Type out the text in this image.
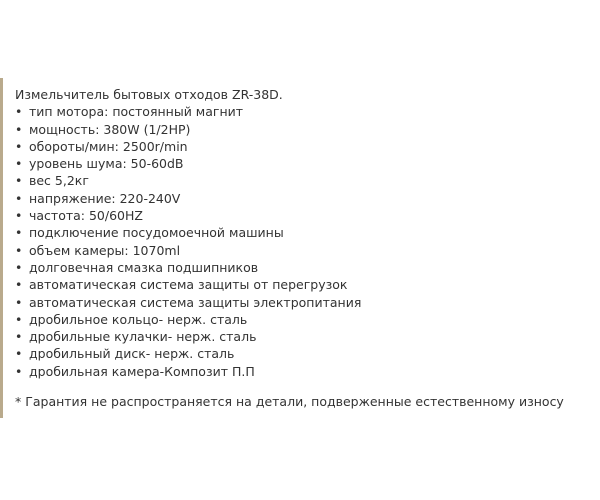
Измельчитель бытовых отходов ZR-38D.
• тип мотора: постоянный магнит
• мощность: 380W (1/2HP)
• обороты/мин: 2500r/min
• уровень шума: 50-60dB
• вес 5,2кг
• напряжение: 220-240V
• частота: 50/60HZ
• подключение посудомоечной машины
• объем камеры: 1070ml
• долговечная смазка подшипников
• автоматическая система защиты от перегрузок
• автоматическая система защиты электропитания
• дробильное кольцо- нерж. сталь
• дробильные кулачки- нерж. сталь
• дробильный диск- нерж. сталь
• дробильная камера-Композит П.П
* Гарантия не распространяется на детали, подверженные естественному износу
